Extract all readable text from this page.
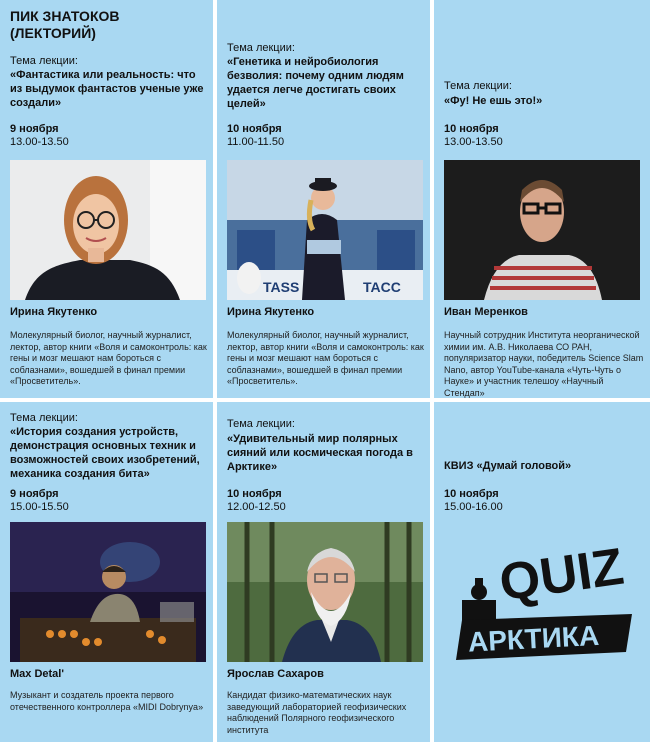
ПИК ЗНАТОКОВ
(ЛЕКТОРИЙ)
Тема лекции:
«Фантастика или реальность: что из выдумок фантастов ученые уже создали»
9 ноября
13.00-13.50
Ирина Якутенко
Молекулярный биолог, научный журналист, лектор, автор книги «Воля и самоконтроль: как гены и мозг мешают нам бороться с соблазнами», вошедшей в финал премии «Просветитель».
Тема лекции:
«Генетика и нейробиология безволия: почему одним людям удается легче достигать своих целей»
10 ноября
11.00-11.50
TASS	TACC
Ирина Якутенко
Молекулярный биолог, научный журналист, лектор, автор книги «Воля и самоконтроль: как гены и мозг мешают нам бороться с соблазнами», вошедшей в финал премии «Просветитель».
Тема лекции:
«Фу! Не ешь это!»
10 ноября
13.00-13.50
Иван Меренков
Научный сотрудник Института неорганической химии им. А.В. Николаева СО РАН, популяризатор науки, победитель Science Slam Nano, автор YouTube-канала «Чуть-Чуть о Науке» и участник телешоу «Научный Стендап»
Тема лекции:
«История создания устройств, демонстрация основных техник и возможностей своих изобретений, механика создания бита»
9 ноября
15.00-15.50
Max Detal'
Музыкант и создатель проекта первого отечественного контроллера «MIDI Dobrynya»
Тема лекции:
«Удивительный мир полярных сияний или космическая погода в Арктике»
10 ноября
12.00-12.50
Ярослав Сахаров
Кандидат физико-математических наук заведующий лабораторией геофизических наблюдений Полярного геофизического института
КВИЗ «Думай головой»
10 ноября
15.00-16.00
QUIZ
АРКТИКА
